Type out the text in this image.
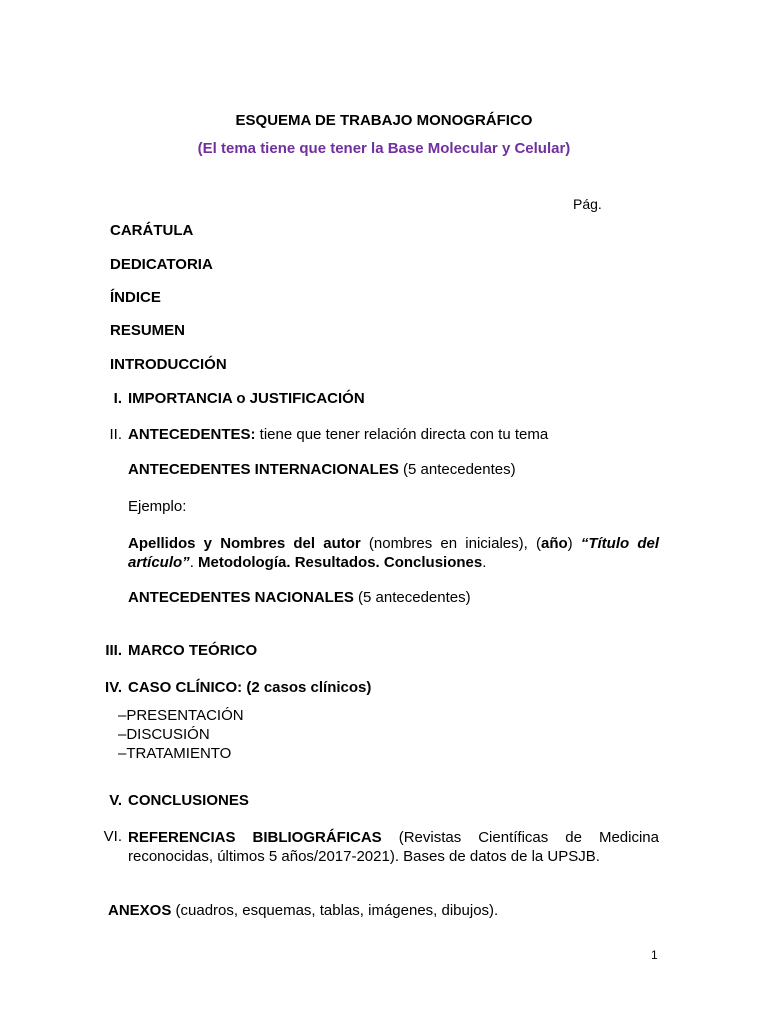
ESQUEMA DE TRABAJO MONOGRÁFICO
(El tema tiene que tener la Base Molecular y Celular)
Pág.
CARÁTULA
DEDICATORIA
ÍNDICE
RESUMEN
INTRODUCCIÓN
I. IMPORTANCIA o JUSTIFICACIÓN
II. ANTECEDENTES: tiene que tener relación directa con tu tema
ANTECEDENTES INTERNACIONALES (5 antecedentes)
Ejemplo:
Apellidos y Nombres del autor (nombres en iniciales), (año) “Título del artículo”. Metodología. Resultados. Conclusiones.
ANTECEDENTES NACIONALES (5 antecedentes)
III. MARCO TEÓRICO
IV. CASO CLÍNICO: (2 casos clínicos)
–PRESENTACIÓN
–DISCUSIÓN
–TRATAMIENTO
V. CONCLUSIONES
VI. REFERENCIAS BIBLIOGRÁFICAS (Revistas Científicas de Medicina reconocidas, últimos 5 años/2017-2021). Bases de datos de la UPSJB.
ANEXOS (cuadros, esquemas, tablas, imágenes, dibujos).
1
